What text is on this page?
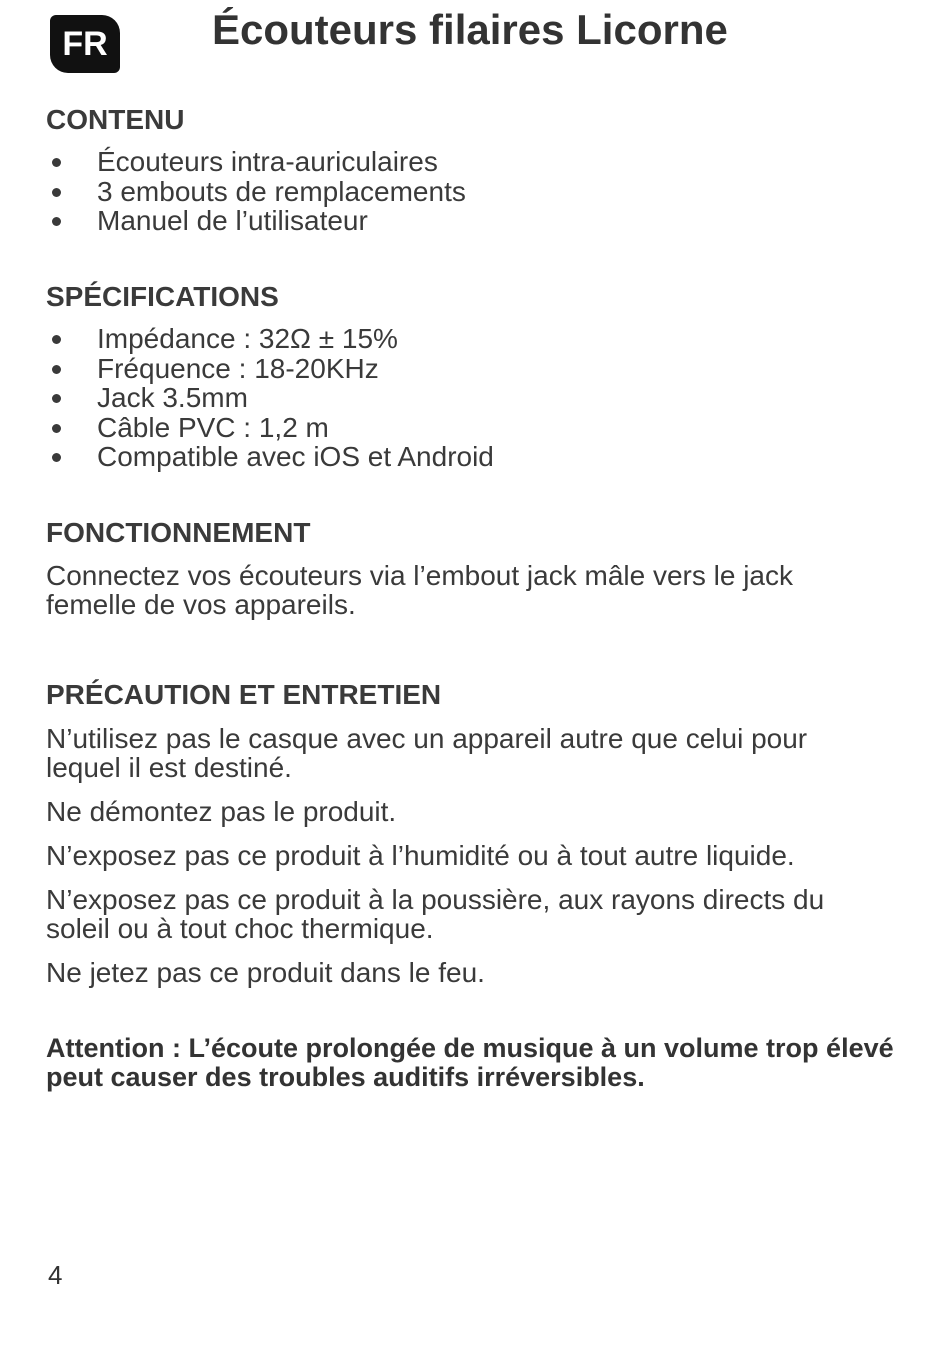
FR Écouteurs filaires Licorne
CONTENU
Écouteurs intra-auriculaires
3 embouts de remplacements
Manuel de l’utilisateur
SPÉCIFICATIONS
Impédance : 32Ω ± 15%
Fréquence : 18-20KHz
Jack 3.5mm
Câble PVC : 1,2 m
Compatible avec iOS et Android
FONCTIONNEMENT

Connectez vos écouteurs via l’embout jack mâle vers le jack femelle de vos appareils.

PRÉCAUTION ET ENTRETIEN

N’utilisez pas le casque avec un appareil autre que celui pour lequel il est destiné.

Ne démontez pas le produit.

N’exposez pas ce produit à l’humidité ou à tout autre liquide.

N’exposez pas ce produit à la poussière, aux rayons directs du soleil ou à tout choc thermique.

Ne jetez pas ce produit dans le feu.

Attention : L’écoute prolongée de musique à un volume trop élevé peut causer des troubles auditifs irréversibles.

4
